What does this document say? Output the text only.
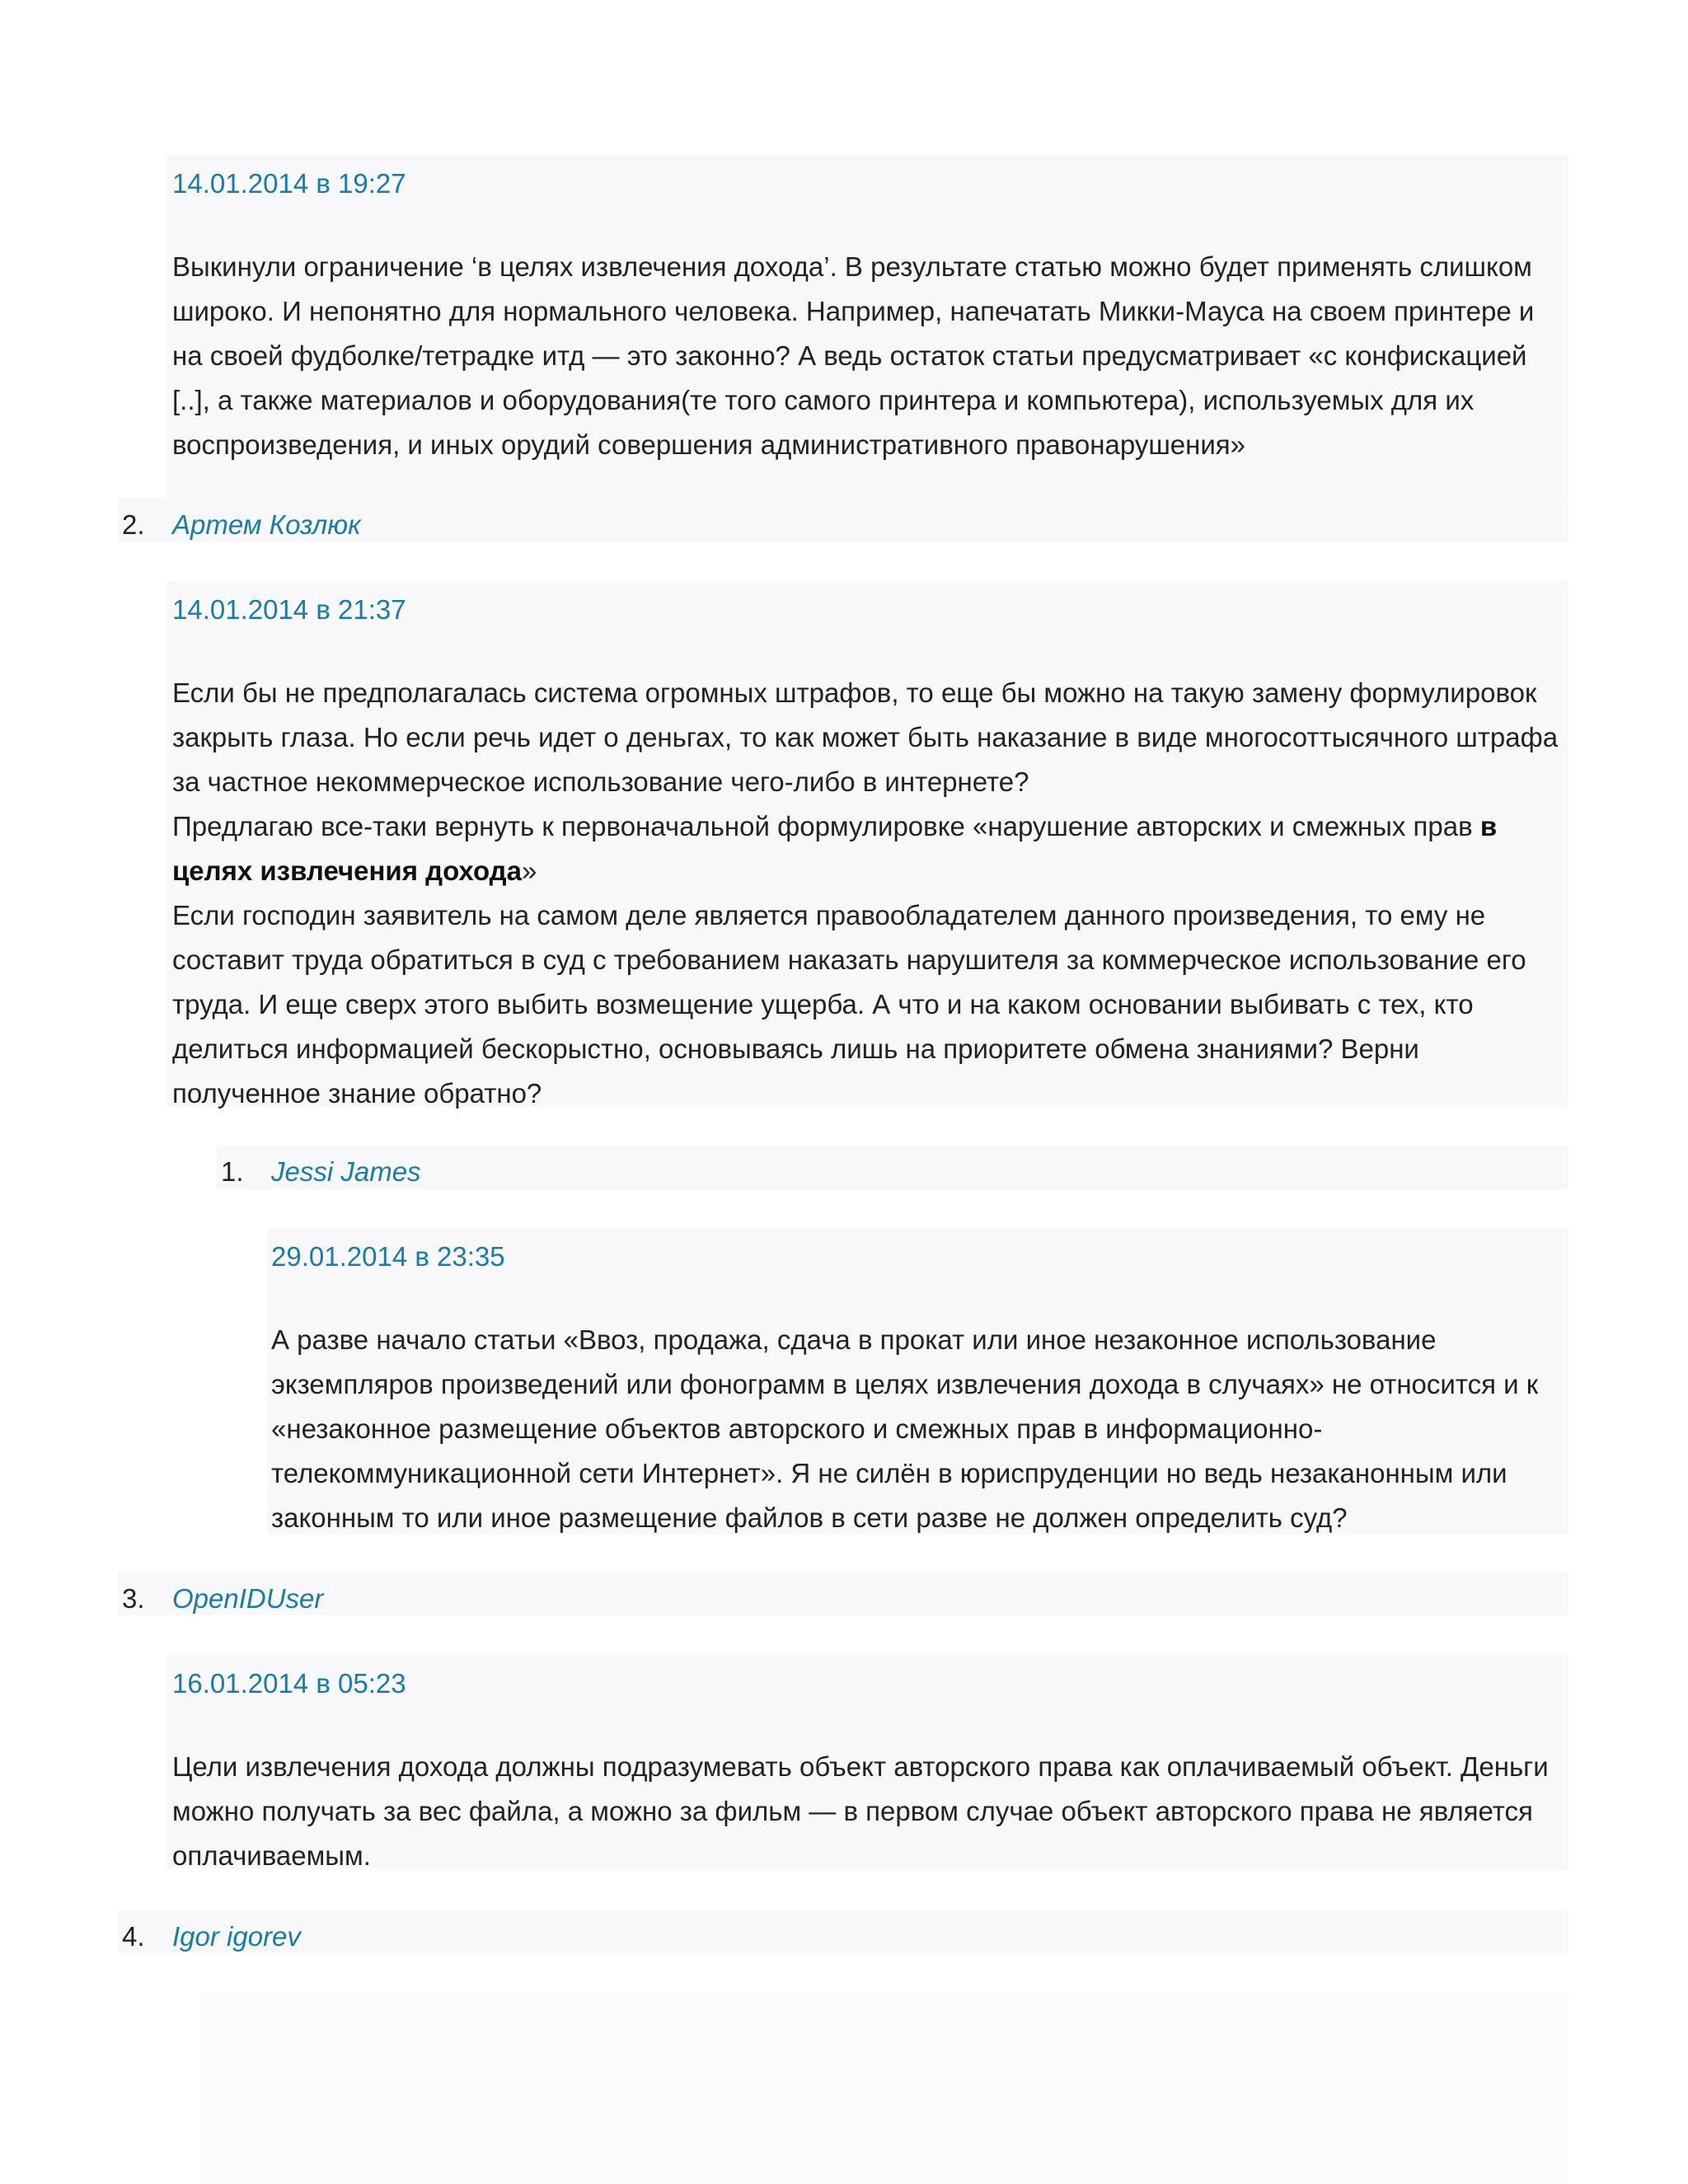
14.01.2014 в 19:27
Выкинули ограничение ‘в целях извлечения дохода’. В результате статью можно будет применять слишком широко. И непонятно для нормального человека. Например, напечатать Микки-Мауса на своем принтере и на своей фудболке/тетрадке итд — это законно? А ведь остаток статьи предусматривает «с конфискацией [..], а также материалов и оборудования(те того самого принтера и компьютера), используемых для их воспроизведения, и иных орудий совершения административного правонарушения»
2. Артем Козлюк
14.01.2014 в 21:37

Если бы не предполагалась система огромных штрафов, то еще бы можно на такую замену формулировок закрыть глаза. Но если речь идет о деньгах, то как может быть наказание в виде многосоттысячного штрафа за частное некоммерческое использование чего-либо в интернете?

Предлагаю все-таки вернуть к первоначальной формулировке «нарушение авторских и смежных прав в целях извлечения дохода»

Если господин заявитель на самом деле является правообладателем данного произведения, то ему не составит труда обратиться в суд с требованием наказать нарушителя за коммерческое использование его труда. И еще сверх этого выбить возмещение ущерба. А что и на каком основании выбивать с тех, кто делиться информацией бескорыстно, основываясь лишь на приоритете обмена знаниями? Верни полученное знание обратно?

1. Jessi James
29.01.2014 в 23:35
А разве начало статьи «Ввоз, продажа, сдача в прокат или иное незаконное использование экземпляров произведений или фонограмм в целях извлечения дохода в случаях» не относится и к «незаконное размещение объектов авторского и смежных прав в информационно-телекоммуникационной сети Интернет». Я не силён в юриспруденции но ведь незаканонным или законным то или иное размещение файлов в сети разве не должен определить суд?
3. OpenIDUser
16.01.2014 в 05:23
Цели извлечения дохода должны подразумевать объект авторского права как оплачиваемый объект. Деньги можно получать за вес файла, а можно за фильм — в первом случае объект авторского права не является оплачиваемым.
4. Igor igorev
